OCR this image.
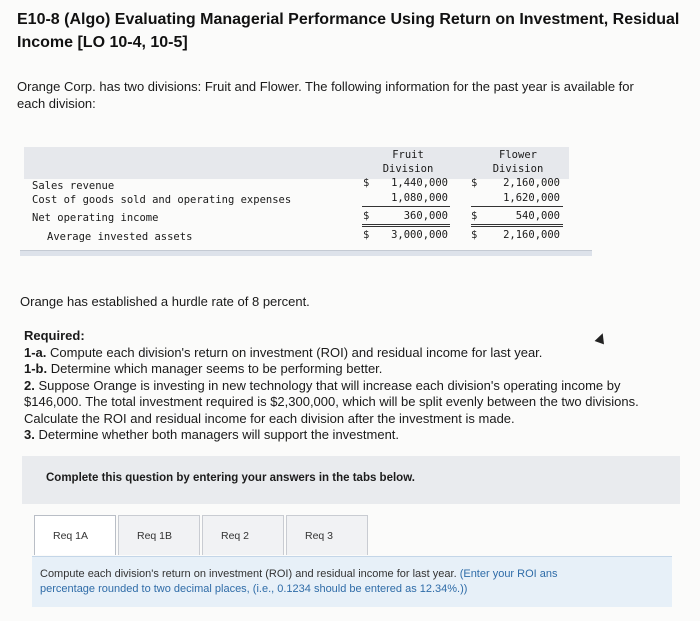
E10-8 (Algo) Evaluating Managerial Performance Using Return on Investment, Residual Income [LO 10-4, 10-5]
Orange Corp. has two divisions: Fruit and Flower. The following information for the past year is available for each division:
Fruit
Division
Flower
Division
Sales revenue	$	1,440,000 $	2,160,000
Cost of goods sold and operating expenses	1,080,000	1,620,000
Net operating income	$	360,000 $	540,000
Average invested assets	$	3,000,000 $	2,160,000
Orange has established a hurdle rate of 8 percent.
Required:

1-a. Compute each division's return on investment (ROI) and residual income for last year.

1-b. Determine which manager seems to be performing better.

2. Suppose Orange is investing in new technology that will increase each division's operating income by $146,000. The total investment required is $2,300,000, which will be split evenly between the two divisions. Calculate the ROI and residual income for each division after the investment is made.

3. Determine whether both managers will support the investment.

Complete this question by entering your answers in the tabs below.
Req 1A	Req 1B	Req 2	Req 3
Compute each division's return on investment (ROI) and residual income for last year. (Enter your ROI ans
percentage rounded to two decimal places, (i.e., 0.1234 should be entered as 12.34%.))
